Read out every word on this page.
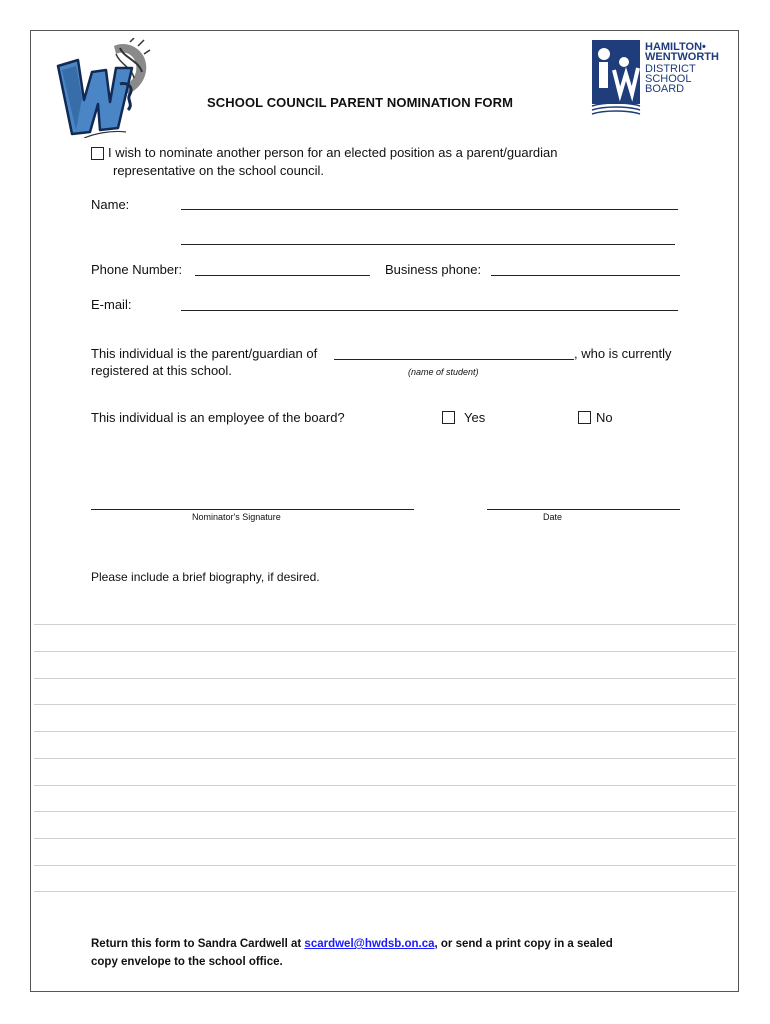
HAMILTON•
WENTWORTH
DISTRICT
SCHOOL
BOARD
SCHOOL COUNCIL PARENT NOMINATION FORM
I wish to nominate another person for an elected position as a parent/guardian
representative on the school council.
Name:
Phone Number:	Business phone:
E-mail:
This individual is the parent/guardian of	, who is currently
registered at this school.	(name of student)
This individual is an employee of the board?	Yes	No
Nominator's Signature	Date
Please include a brief biography, if desired.
Return this form to Sandra Cardwell at scardwel@hwdsb.on.ca, or send a print copy in a sealed
copy envelope to the school office.
